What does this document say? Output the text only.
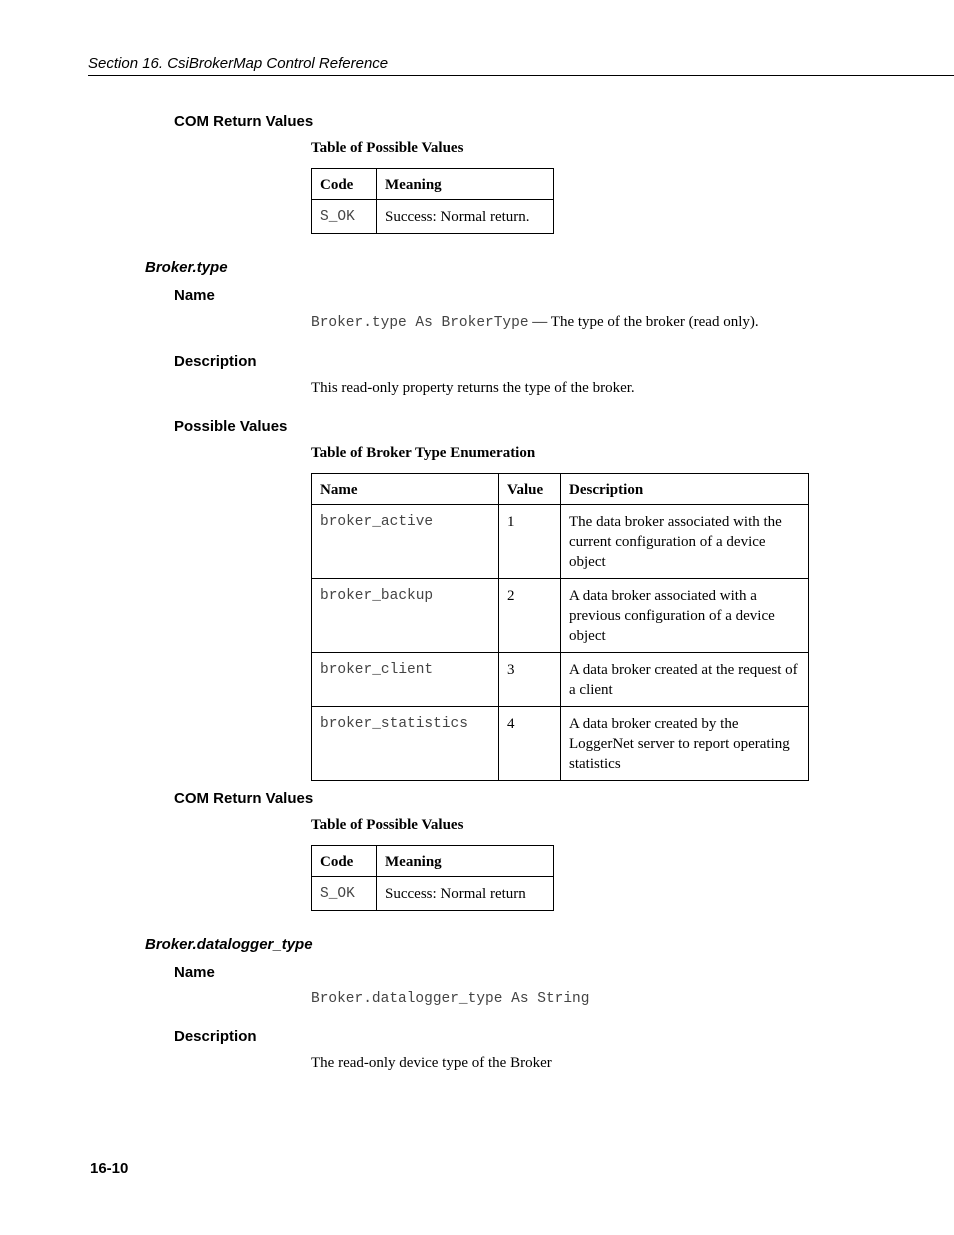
Section 16. CsiBrokerMap Control Reference
COM Return Values
Table of Possible Values
Code	Meaning
S_OK	Success: Normal return.
Broker.type
Name
Broker.type As BrokerType — The type of the broker (read only).
Description
This read-only property returns the type of the broker.
Possible Values
Table of Broker Type Enumeration
Name	Value	Description
broker_active	1	The data broker associated with the current configuration of a device object
broker_backup	2	A data broker associated with a previous configuration of a device object
broker_client	3	A data broker created at the request of a client
broker_statistics	4	A data broker created by the LoggerNet server to report operating statistics
COM Return Values
Table of Possible Values
Code	Meaning
S_OK	Success: Normal return
Broker.datalogger_type
Name
Broker.datalogger_type As String
Description
The read-only device type of the Broker
16-10
